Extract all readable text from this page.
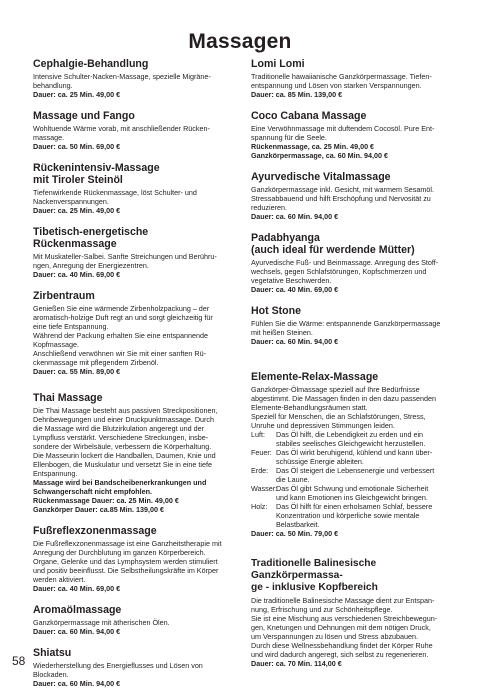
Massagen
Cephalgie-Behandlung
Intensive Schulter-Nacken-Massage, spezielle Migräne-
behandlung.
Dauer: ca. 25 Min. 49,00 €
Massage und Fango
Wohltuende Wärme vorab, mit anschließender Rücken-
massage.
Dauer: ca. 50 Min. 69,00 €
Rückenintensiv-Massage
mit Tiroler Steinöl
Tiefenwirkende Rückenmassage, löst Schulter- und
Nackenverspannungen.
Dauer: ca. 25 Min. 49,00 €
Tibetisch-energetische Rückenmassage
Mit Muskateller-Salbei. Sanfte Streichungen und Berühru-
ngen, Anregung der Energiezentren.
Dauer: ca. 40 Min. 69,00 €
Zirbentraum
Genießen Sie eine wärmende Zirbenholzpackung – der
aromatisch-holzige Duft regt an und sorgt gleichzeitig für
eine tiefe Entspannung.
Während der Packung erhalten Sie eine entspannende
Kopfmassage.
Anschließend verwöhnen wir Sie mit einer sanften Rü-
ckenmassage mit pflegendem Zirbenöl.
Dauer: ca. 55 Min. 89,00 €
Thai Massage
Die Thai Massage besteht aus passiven Streckpositionen,
Dehnbewegungen und einer Druckpunktmassage. Durch
die Massage wird die Blutzirkulation angeregt und der
Lympfluss verstärkt. Verschiedene Streckungen, insbe-
sondere der Wirbelsäule, verbessern die Körperhaltung.
Die Masseurin lockert die Handballen, Daumen, Knie und
Ellenbogen, die Muskulatur und versetzt Sie in eine tiefe
Entspannung.
Massage wird bei Bandscheibenerkrankungen und
Schwangerschaft nicht empfohlen.
Rückenmassage Dauer: ca. 25 Min. 49,00 €
Ganzkörper Dauer: ca.85 Min. 139,00 €
Fußreflexzonenmassage
Die Fußreflexzonenmassage ist eine Ganzheitstherapie mit
Anregung der Durchblutung im ganzen Körperbereich.
Organe, Gelenke und das Lymphsystem werden stimuliert
und positiv beeinflusst. Die Selbstheilungskräfte im Körper
werden aktiviert.
Dauer: ca. 40 Min. 69,00 €
Aromaölmassage
Ganzkörpermassage mit ätherischen Ölen.
Dauer: ca. 60 Min. 94,00 €
Shiatsu
Wiederherstellung des Energieflusses und Lösen von
Blockaden.
Dauer: ca. 60 Min. 94,00 €
Lomi Lomi
Traditionelle hawaiianische Ganzkörpermassage. Tiefen-
entspannung und Lösen von starken Verspannungen.
Dauer: ca. 85 Min. 139,00 €
Coco Cabana Massage
Eine Verwöhnmassage mit duftendem Cocosöl. Pure Ent-
spannung für die Seele.
Rückenmassage, ca. 25 Min. 49,00 €
Ganzkörpermassage, ca. 60 Min. 94,00 €
Ayurvedische Vitalmassage
Ganzkörpermassage inkl. Gesicht, mit warmem Sesamöl.
Stressabbauend und hilft Erschöpfung und Nervosität zu
reduzieren.
Dauer: ca. 60 Min. 94,00 €
Padabhyanga
(auch ideal für werdende Mütter)
Ayurvedische Fuß- und Beinmassage. Anregung des Stoff-
wechsels, gegen Schlafstörungen, Kopfschmerzen und
vegetative Beschwerden.
Dauer: ca. 40 Min. 69,00 €
Hot Stone
Fühlen Sie die Wärme: entspannende Ganzkörpermassage
mit heißen Steinen.
Dauer: ca. 60 Min. 94,00 €
Elemente-Relax-Massage
Ganzkörper-Ölmassage speziell auf Ihre Bedürfnisse
abgestimmt. Die Massagen finden in den dazu passenden
Elemente-Behandlungsräumen statt.
Speziell für Menschen, die an Schlafstörungen, Stress,
Unruhe und depressiven Stimmungen leiden.
Luft:	Das Öl hilft, die Lebendigkeit zu erden und ein
stabiles seelisches Gleichgewicht herzustellen.
Feuer: Das Öl wirkt beruhigend, kühlend und kann über-
schüssige Energie ableiten.
Erde:	Das Öl steigert die Lebensenergie und verbessert
die Laune.
Wasser:
Das Öl gibt Schwung und emotionale Sicherheit
und kann Emotionen ins Gleichgewicht bringen.
Holz:	Das Öl hilft für einen erholsamen Schlaf, bessere
Konzentration und körperliche sowie mentale
Belastbarkeit.
Dauer: ca. 50 Min. 79,00 €
Traditionelle Balinesische Ganzkörpermassa-
ge - inklusive Kopfbereich
Die traditionelle Balinesische Massage dient zur Entspan-
nung, Erfrischung und zur Schönheitspflege.
Sie ist eine Mischung aus verschiedenen Streichbewegun-
gen, Knetungen und Dehnungen mit dem nötigen Druck,
um Verspannungen zu lösen und Stress abzubauen.
Durch diese Wellnessbehandlung findet der Körper Ruhe
und wird dadurch angeregt, sich selbst zu regenerieren.
Dauer: ca. 70 Min. 114,00 €
58
